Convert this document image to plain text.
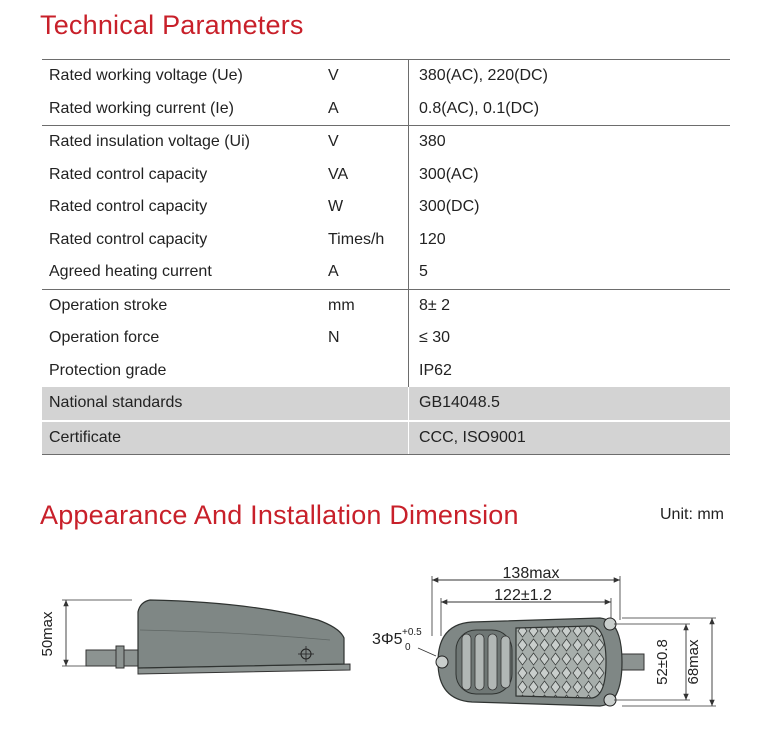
Technical Parameters
Rated working voltage (Ue)	V	380(AC), 220(DC)
Rated working current (Ie)	A	0.8(AC), 0.1(DC)
Rated insulation voltage (Ui)	V	380
Rated control capacity	VA	300(AC)
Rated control capacity	W	300(DC)
Rated control capacity	Times/h	120
Agreed heating current	A	5
Operation stroke	mm	8± 2
Operation force	N	≤ 30
Protection grade		IP62
National standards		GB14048.5
Certificate		CCC, ISO9001
Appearance And Installation Dimension	Unit: mm
50max
138max
122±1.2
3Φ5 +0.5
0	52±0.8 68max
